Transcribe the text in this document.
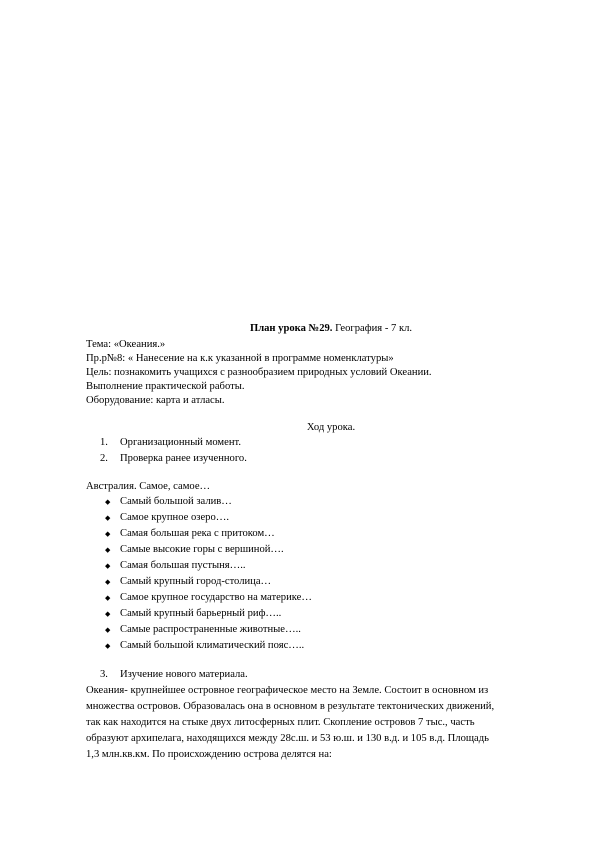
План урока №29. География - 7 кл.
Тема: «Океания.»
Пр.р№8: « Нанесение на к.к указанной в программе номенклатуры»
Цель: познакомить учащихся с разнообразием природных условий Океании.
Выполнение практической работы.
Оборудование: карта и атласы.
Ход урока.
1. Организационный момент.
2. Проверка ранее изученного.
Австралия. Самое, самое…
◆ Самый большой залив…
◆ Самое крупное озеро….
◆ Самая большая река с притоком…
◆ Самые высокие горы с вершиной….
◆ Самая большая пустыня…..
◆ Самый крупный город-столица…
◆ Самое крупное государство на материке…
◆ Самый крупный барьерный риф…..
◆ Самые распространенные животные…..
◆ Самый большой климатический пояс…..
3. Изучение нового материала.
Океания- крупнейшее островное географическое место на Земле. Состоит в основном из
множества островов. Образовалась она в основном в результате тектонических движений,
так как находится на стыке двух литосферных плит. Скопление островов 7 тыс., часть
образуют архипелага, находящихся между 28с.ш. и 53 ю.ш. и 130 в.д. и 105 в.д. Площадь
1,3 млн.кв.км. По происхождению острова делятся на:
